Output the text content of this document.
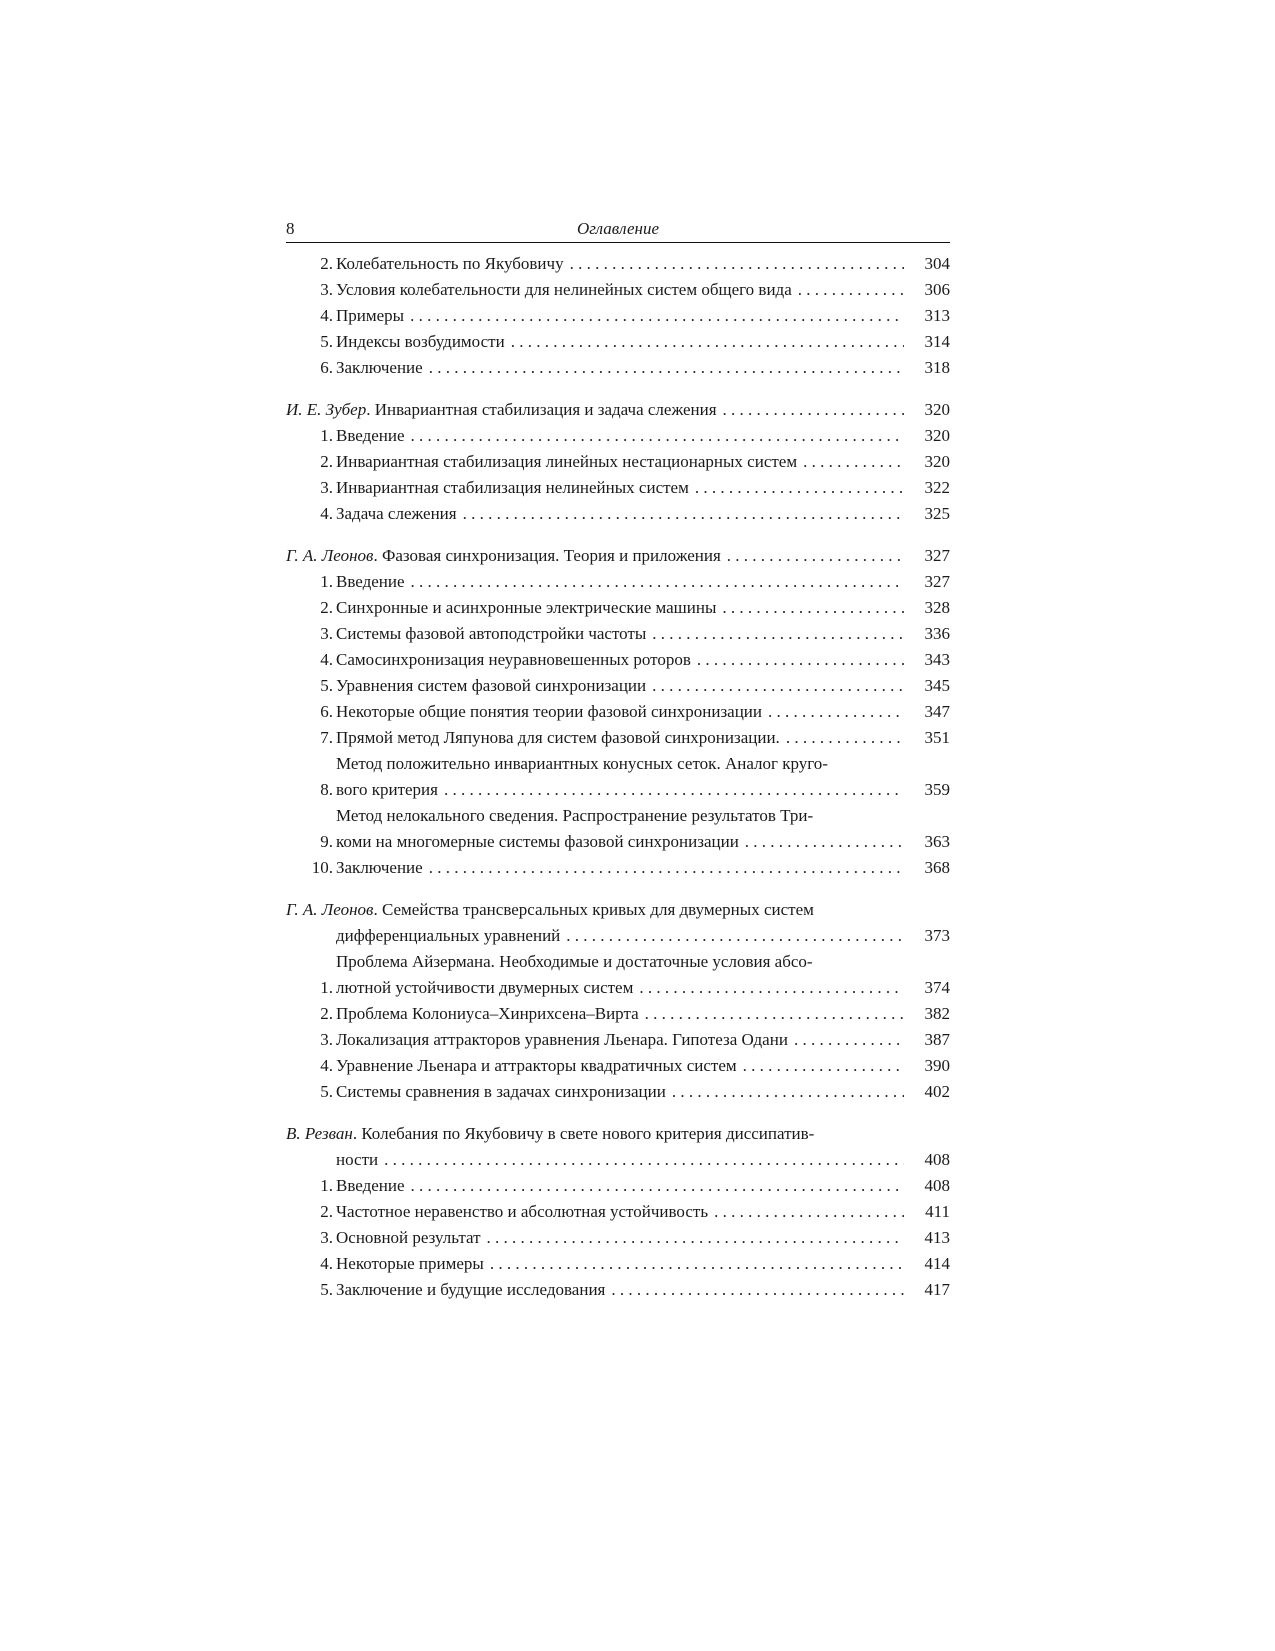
8	Оглавление
2. Колебательность по Якубовичу . . .	304
3. Условия колебательности для нелинейных систем общего вида . . .	306
4. Примеры . . .	313
5. Индексы возбудимости . . .	314
6. Заключение . . .	318
И. Е. Зубер. Инвариантная стабилизация и задача слежения . . .	320
1. Введение . . .	320
2. Инвариантная стабилизация линейных нестационарных систем . . .	320
3. Инвариантная стабилизация нелинейных систем . . .	322
4. Задача слежения . . .	325
Г. А. Леонов. Фазовая синхронизация. Теория и приложения . . .	327
1. Введение . . .	327
2. Синхронные и асинхронные электрические машины . . .	328
3. Системы фазовой автоподстройки частоты . . .	336
4. Самосинхронизация неуравновешенных роторов . . .	343
5. Уравнения систем фазовой синхронизации . . .	345
6. Некоторые общие понятия теории фазовой синхронизации . . .	347
7. Прямой метод Ляпунова для систем фазовой синхронизации. . . .	351
8.
Метод положительно инвариантных конусных сеток. Аналог круго-
вого критерия . . .	359
9.
Метод нелокального сведения. Распространение результатов Три-
коми на многомерные системы фазовой синхронизации . . .	363
10. Заключение . . .	368
Г. А. Леонов. Семейства трансверсальных кривых для двумерных систем
дифференциальных уравнений . . .	373
1.
Проблема Айзермана. Необходимые и достаточные условия абсо-
лютной устойчивости двумерных систем . . .	374
2. Проблема Колониуса–Хинрихсена–Вирта . . .	382
3. Локализация аттракторов уравнения Льенара. Гипотеза Одани . . .	387
4. Уравнение Льенара и аттракторы квадратичных систем . . .	390
5. Системы сравнения в задачах синхронизации . . .	402
В. Резван. Колебания по Якубовичу в свете нового критерия диссипатив-
ности . . .	408
1. Введение . . .	408
2. Частотное неравенство и абсолютная устойчивость . . .	411
3. Основной результат . . .	413
4. Некоторые примеры . . .	414
5. Заключение и будущие исследования . . .	417
